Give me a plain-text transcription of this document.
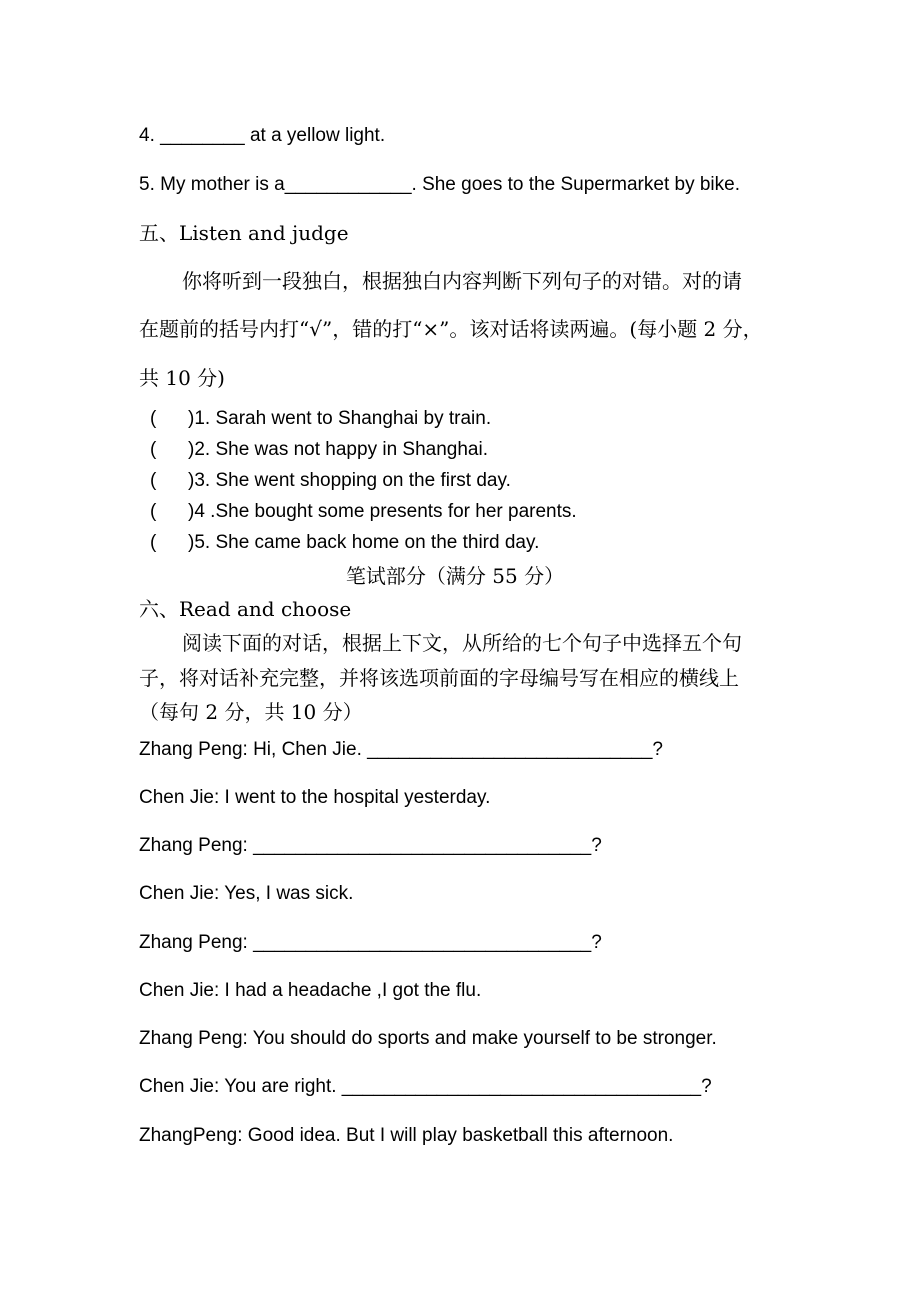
4. ________ at a yellow light.
5. My mother is a____________. She goes to the Supermarket by bike.
五、Listen and judge
你将听到一段独白，根据独白内容判断下列句子的对错。对的请
在题前的括号内打“√”，错的打“×”。该对话将读两遍。(每小题 2 分，
共 10 分)
(      )1. Sarah went to Shanghai by train.
(      )2. She was not happy in Shanghai.
(      )3. She went shopping on the first day.
(      )4 .She bought some presents for her parents.
(      )5. She came back home on the third day.
笔试部分（满分 55 分）
六、Read and choose
阅读下面的对话，根据上下文，从所给的七个句子中选择五个句
子，将对话补充完整，并将该选项前面的字母编号写在相应的横线上
（每句 2 分，共 10 分）
Zhang Peng: Hi, Chen Jie. ___________________________?
Chen Jie: I went to the hospital yesterday.
Zhang Peng: ________________________________?
Chen Jie: Yes, I was sick.
Zhang Peng: ________________________________?
Chen Jie: I had a headache ,I got the flu.
Zhang Peng: You should do sports and make yourself to be stronger.
Chen Jie: You are right. __________________________________?
ZhangPeng: Good idea. But I will play basketball this afternoon.
